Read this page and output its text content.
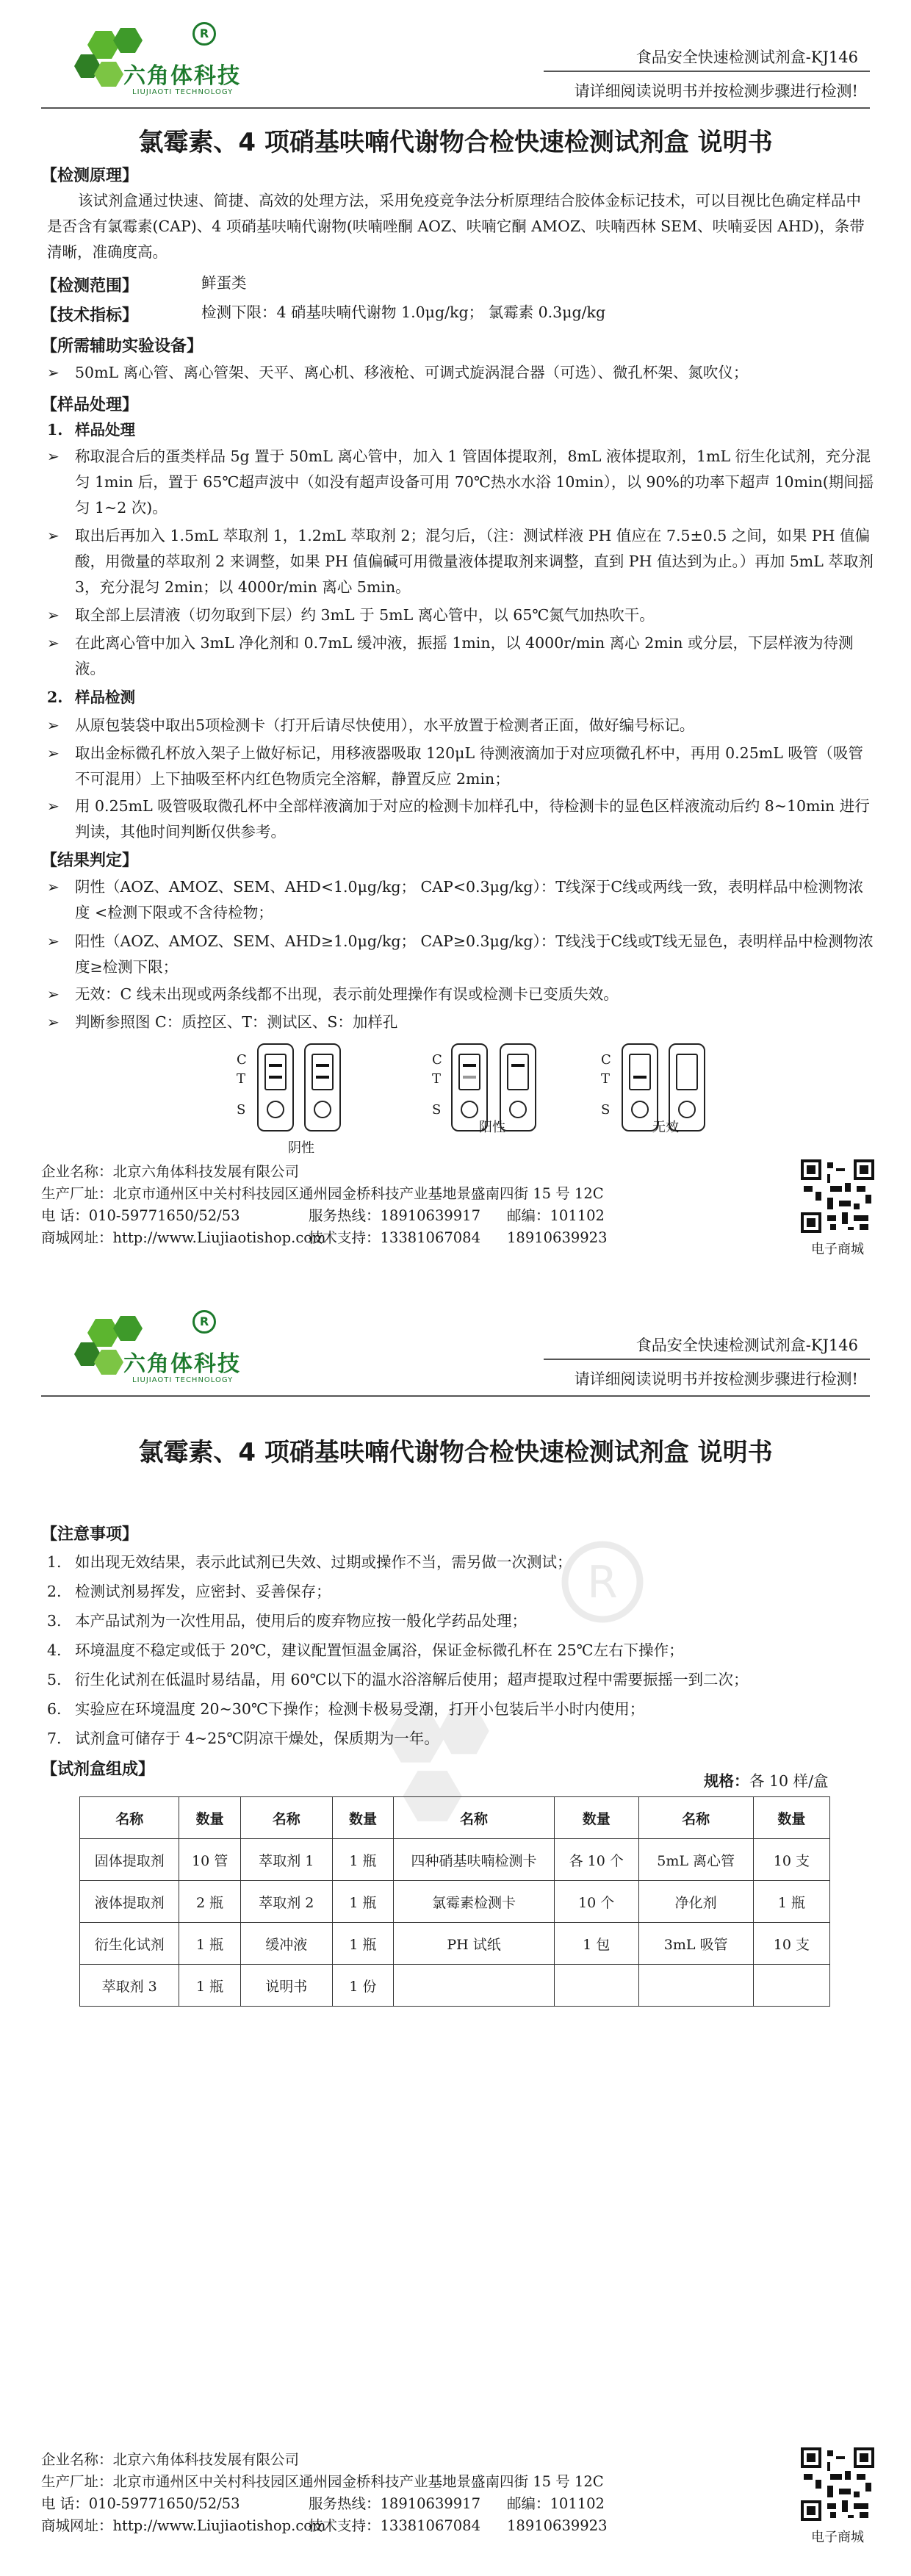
六角体科技
LIUJIAOTI TECHNOLOGY
R
食品安全快速检测试剂盒-KJ146
请详细阅读说明书并按检测步骤进行检测!
氯霉素、4 项硝基呋喃代谢物合检快速检测试剂盒 说明书
【检测原理】
该试剂盒通过快速、简捷、高效的处理方法，采用免疫竞争法分析原理结合胶体金标记技术，可以目视比色确定样品中是否含有氯霉素(CAP)、4 项硝基呋喃代谢物(呋喃唑酮 AOZ、呋喃它酮 AMOZ、呋喃西林 SEM、呋喃妥因 AHD)，条带清晰，准确度高。
【检测范围】	鲜蛋类
【技术指标】	检测下限：4 硝基呋喃代谢物 1.0μg/kg； 氯霉素 0.3μg/kg
【所需辅助实验设备】
➢ 50mL 离心管、离心管架、天平、离心机、移液枪、可调式旋涡混合器（可选）、微孔杯架、氮吹仪；
【样品处理】
1. 样品处理
➢ 称取混合后的蛋类样品 5g 置于 50mL 离心管中，加入 1 管固体提取剂，8mL 液体提取剂，1mL 衍生化试剂，充分混匀 1min 后，置于 65℃超声波中（如没有超声设备可用 70℃热水水浴 10min），以 90%的功率下超声 10min(期间摇匀 1~2 次)。
➢ 取出后再加入 1.5mL 萃取剂 1，1.2mL 萃取剂 2；混匀后，（注：测试样液 PH 值应在 7.5±0.5 之间，如果 PH 值偏酸，用微量的萃取剂 2 来调整，如果 PH 值偏碱可用微量液体提取剂来调整，直到 PH 值达到为止。）再加 5mL 萃取剂 3，充分混匀 2min；以 4000r/min 离心 5min。
➢ 取全部上层清液（切勿取到下层）约 3mL 于 5mL 离心管中，以 65℃氮气加热吹干。
➢ 在此离心管中加入 3mL 净化剂和 0.7mL 缓冲液，振摇 1min，以 4000r/min 离心 2min 或分层，下层样液为待测液。
2. 样品检测
➢ 从原包装袋中取出5项检测卡（打开后请尽快使用），水平放置于检测者正面，做好编号标记。
➢ 取出金标微孔杯放入架子上做好标记，用移液器吸取 120μL 待测液滴加于对应项微孔杯中，再用 0.25mL 吸管（吸管不可混用）上下抽吸至杯内红色物质完全溶解，静置反应 2min；
➢ 用 0.25mL 吸管吸取微孔杯中全部样液滴加于对应的检测卡加样孔中，待检测卡的显色区样液流动后约 8~10min 进行判读，其他时间判断仅供参考。
【结果判定】
➢ 阴性（AOZ、AMOZ、SEM、AHD<1.0μg/kg； CAP<0.3μg/kg）：T线深于C线或两线一致，表明样品中检测物浓度 <检测下限或不含待检物；
➢ 阳性（AOZ、AMOZ、SEM、AHD≥1.0μg/kg； CAP≥0.3μg/kg）：T线浅于C线或T线无显色，表明样品中检测物浓度≥检测下限；
➢ 无效：C 线未出现或两条线都不出现，表示前处理操作有误或检测卡已变质失效。
➢ 判断参照图 C：质控区、T：测试区、S：加样孔
C
T
S
阴性
C
T
S
阳性
C
T
S
无效
企业名称：北京六角体科技发展有限公司
生产厂址：北京市通州区中关村科技园区通州园金桥科技产业基地景盛南四街 15 号 12C
电 话：010-59771650/52/53	服务热线：18910639917 邮编：101102
商城网址：http://www.Liujiaotishop.com
技术支持：13381067084 18910639923
电子商城
六角体科技
LIUJIAOTI TECHNOLOGY
R
食品安全快速检测试剂盒-KJ146
请详细阅读说明书并按检测步骤进行检测!
氯霉素、4 项硝基呋喃代谢物合检快速检测试剂盒 说明书
R
【注意事项】
1. 如出现无效结果，表示此试剂已失效、过期或操作不当，需另做一次测试；
2. 检测试剂易挥发，应密封、妥善保存；
3. 本产品试剂为一次性用品，使用后的废弃物应按一般化学药品处理；
4. 环境温度不稳定或低于 20℃，建议配置恒温金属浴，保证金标微孔杯在 25℃左右下操作；
5. 衍生化试剂在低温时易结晶，用 60℃以下的温水浴溶解后使用；超声提取过程中需要振摇一到二次；
6. 实验应在环境温度 20~30℃下操作；检测卡极易受潮，打开小包装后半小时内使用；
7. 试剂盒可储存于 4~25℃阴凉干燥处，保质期为一年。
【试剂盒组成】
规格： 各 10 样/盒
名称	数量	名称	数量	名称	数量	名称	数量
固体提取剂	10 管	萃取剂 1	1 瓶	四种硝基呋喃检测卡	各 10 个	5mL 离心管	10 支
液体提取剂	2 瓶	萃取剂 2	1 瓶	氯霉素检测卡	10 个	净化剂	1 瓶
衍生化试剂	1 瓶	缓冲液	1 瓶	PH 试纸	1 包	3mL 吸管	10 支
萃取剂 3	1 瓶	说明书	1 份				
企业名称：北京六角体科技发展有限公司
生产厂址：北京市通州区中关村科技园区通州园金桥科技产业基地景盛南四街 15 号 12C
电 话：010-59771650/52/53	服务热线：18910639917 邮编：101102
商城网址：http://www.Liujiaotishop.com
技术支持：13381067084 18910639923
电子商城
